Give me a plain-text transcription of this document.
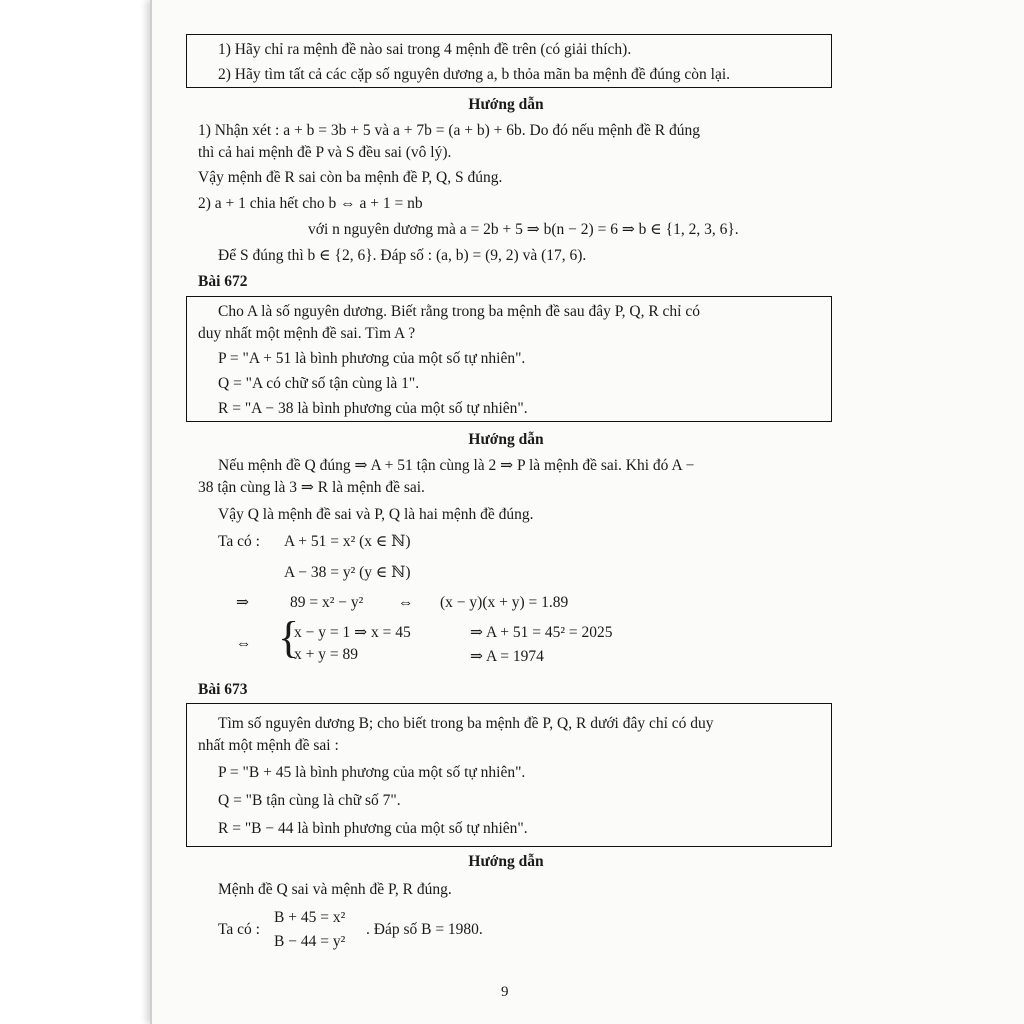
1) Hãy chỉ ra mệnh đề nào sai trong 4 mệnh đề trên (có giải thích).
2) Hãy tìm tất cả các cặp số nguyên dương a, b thỏa mãn ba mệnh đề đúng còn lại.
Hướng dẫn
1) Nhận xét : a + b = 3b + 5 và a + 7b = (a + b) + 6b. Do đó nếu mệnh đề R đúng
thì cả hai mệnh đề P và S đều sai (vô lý).
Vậy mệnh đề R sai còn ba mệnh đề P, Q, S đúng.
2) a + 1 chia hết cho b ⇔ a + 1 = nb
với n nguyên dương mà a = 2b + 5 ⇒ b(n − 2) = 6 ⇒ b ∈ {1, 2, 3, 6}.
Để S đúng thì b ∈ {2, 6}. Đáp số : (a, b) = (9, 2) và (17, 6).
Bài 672
Cho A là số nguyên dương. Biết rằng trong ba mệnh đề sau đây P, Q, R chỉ có
duy nhất một mệnh đề sai. Tìm A ?
P = "A + 51 là bình phương của một số tự nhiên".
Q = "A có chữ số tận cùng là 1".
R = "A − 38 là bình phương của một số tự nhiên".
Hướng dẫn
Nếu mệnh đề Q đúng ⇒ A + 51 tận cùng là 2 ⇒ P là mệnh đề sai. Khi đó A −
38 tận cùng là 3 ⇒ R là mệnh đề sai.
Vậy Q là mệnh đề sai và P, Q là hai mệnh đề đúng.
Ta có : A + 51 = x² (x ∈ ℕ)
A − 38 = y² (y ∈ ℕ)
⇒	89 = x² − y² ⇔ (x − y)(x + y) = 1.89
⇔ {
x − y = 1 ⇒ x = 45
x + y = 89
⇒ A + 51 = 45² = 2025
⇒ A = 1974
Bài 673
Tìm số nguyên dương B; cho biết trong ba mệnh đề P, Q, R dưới đây chỉ có duy
nhất một mệnh đề sai :
P = "B + 45 là bình phương của một số tự nhiên".
Q = "B tận cùng là chữ số 7".
R = "B − 44 là bình phương của một số tự nhiên".
Hướng dẫn
Mệnh đề Q sai và mệnh đề P, R đúng.
Ta có :
B + 45 = x²
B − 44 = y²
. Đáp số B = 1980.
9
